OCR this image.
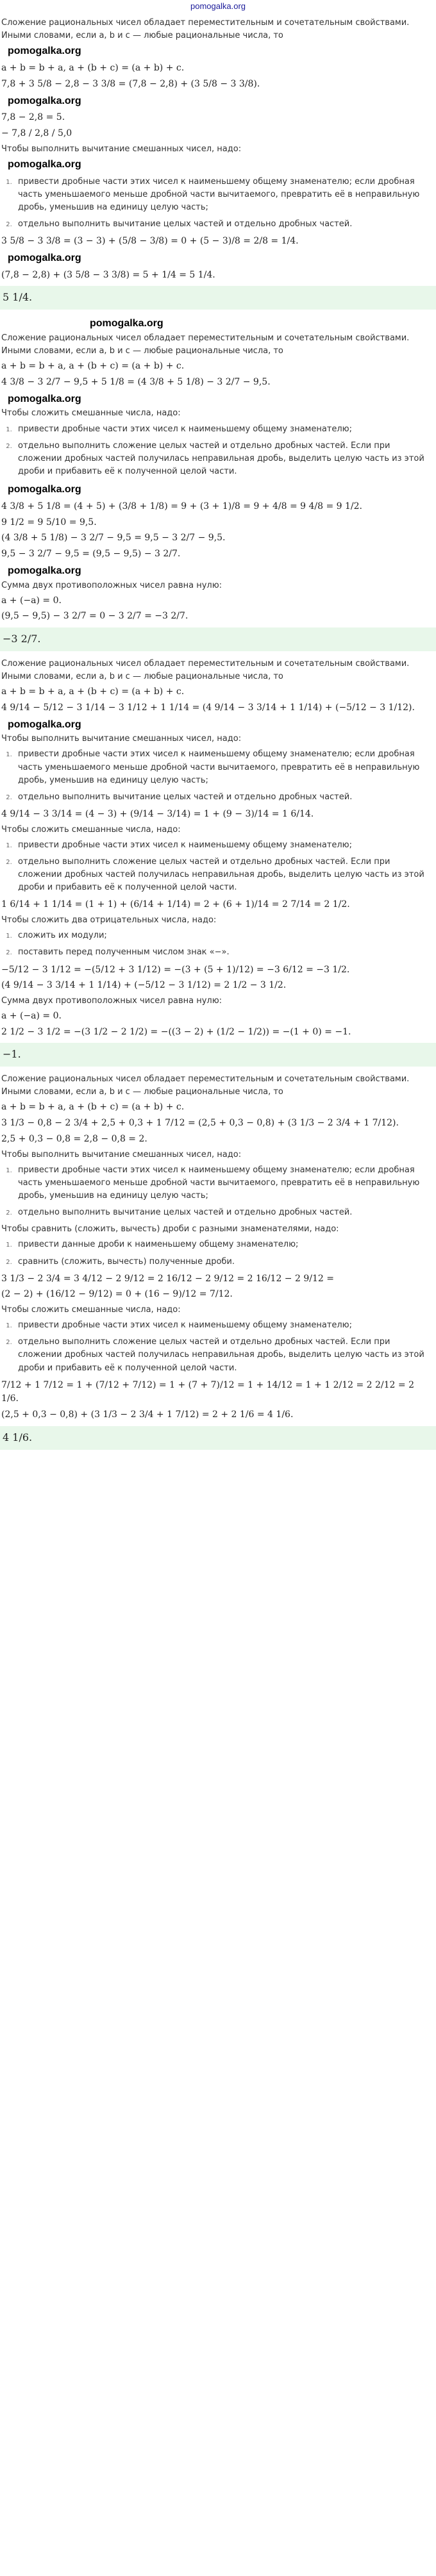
pomogalka.org

Сложение рациональных чисел обладает переместительным и сочетательным свойствами. Иными словами, если a, b и c — любые рациональные числа, то

pomogalka.org
a + b = b + a, a + (b + c) = (a + b) + c.
7,8 + 3 5/8 − 2,8 − 3 3/8 = (7,8 − 2,8) + (3 5/8 − 3 3/8).
pomogalka.org
7,8 − 2,8 = 5.
− 7,8 / 2,8 / 5,0

Чтобы выполнить вычитание смешанных чисел, надо:

pomogalka.org
1. привести дробные части этих чисел к наименьшему общему знаменателю; если дробная часть уменьшаемого меньше дробной части вычитаемого, превратить её в неправильную дробь, уменьшив на единицу целую часть;
2. отдельно выполнить вычитание целых частей и отдельно дробных частей.
3 5/8 − 3 3/8 = (3 − 3) + (5/8 − 3/8) = 0 + (5 − 3)/8 = 2/8 = 1/4.
pomogalka.org
(7,8 − 2,8) + (3 5/8 − 3 3/8) = 5 + 1/4 = 5 1/4.
5 1/4.
pomogalka.org

Сложение рациональных чисел обладает переместительным и сочетательным свойствами. Иными словами, если a, b и c — любые рациональные числа, то

a + b = b + a, a + (b + c) = (a + b) + c.
4 3/8 − 3 2/7 − 9,5 + 5 1/8 = (4 3/8 + 5 1/8) − 3 2/7 − 9,5.
pomogalka.org

Чтобы сложить смешанные числа, надо:

1. привести дробные части этих чисел к наименьшему общему знаменателю;
2. отдельно выполнить сложение целых частей и отдельно дробных частей. Если при сложении дробных частей получилась неправильная дробь, выделить целую часть из этой дроби и прибавить её к полученной целой части.
pomogalka.org
4 3/8 + 5 1/8 = (4 + 5) + (3/8 + 1/8) = 9 + (3 + 1)/8 = 9 + 4/8 = 9 4/8 = 9 1/2.
9 1/2 = 9 5/10 = 9,5.
(4 3/8 + 5 1/8) − 3 2/7 − 9,5 = 9,5 − 3 2/7 − 9,5.
9,5 − 3 2/7 − 9,5 = (9,5 − 9,5) − 3 2/7.
pomogalka.org

Сумма двух противоположных чисел равна нулю:

a + (−a) = 0.
(9,5 − 9,5) − 3 2/7 = 0 − 3 2/7 = −3 2/7.
−3 2/7.

Сложение рациональных чисел обладает переместительным и сочетательным свойствами. Иными словами, если a, b и c — любые рациональные числа, то

a + b = b + a, a + (b + c) = (a + b) + c.
4 9/14 − 5/12 − 3 1/14 − 3 1/12 + 1 1/14 = (4 9/14 − 3 3/14 + 1 1/14) + (−5/12 − 3 1/12).
pomogalka.org

Чтобы выполнить вычитание смешанных чисел, надо:

1. привести дробные части этих чисел к наименьшему общему знаменателю; если дробная часть уменьшаемого меньше дробной части вычитаемого, превратить её в неправильную дробь, уменьшив на единицу целую часть;
2. отдельно выполнить вычитание целых частей и отдельно дробных частей.
4 9/14 − 3 3/14 = (4 − 3) + (9/14 − 3/14) = 1 + (9 − 3)/14 = 1 6/14.

Чтобы сложить смешанные числа, надо:

1. привести дробные части этих чисел к наименьшему общему знаменателю;
2. отдельно выполнить сложение целых частей и отдельно дробных частей. Если при сложении дробных частей получилась неправильная дробь, выделить целую часть из этой дроби и прибавить её к полученной целой части.
1 6/14 + 1 1/14 = (1 + 1) + (6/14 + 1/14) = 2 + (6 + 1)/14 = 2 7/14 = 2 1/2.

Чтобы сложить два отрицательных числа, надо:

1. сложить их модули;
2. поставить перед полученным числом знак «−».
−5/12 − 3 1/12 = −(5/12 + 3 1/12) = −(3 + (5 + 1)/12) = −3 6/12 = −3 1/2.
(4 9/14 − 3 3/14 + 1 1/14) + (−5/12 − 3 1/12) = 2 1/2 − 3 1/2.

Сумма двух противоположных чисел равна нулю:

a + (−a) = 0.
2 1/2 − 3 1/2 = −(3 1/2 − 2 1/2) = −((3 − 2) + (1/2 − 1/2)) = −(1 + 0) = −1.
−1.

Сложение рациональных чисел обладает переместительным и сочетательным свойствами. Иными словами, если a, b и c — любые рациональные числа, то

a + b = b + a, a + (b + c) = (a + b) + c.
3 1/3 − 0,8 − 2 3/4 + 2,5 + 0,3 + 1 7/12 = (2,5 + 0,3 − 0,8) + (3 1/3 − 2 3/4 + 1 7/12).
2,5 + 0,3 − 0,8 = 2,8 − 0,8 = 2.

Чтобы выполнить вычитание смешанных чисел, надо:

1. привести дробные части этих чисел к наименьшему общему знаменателю; если дробная часть уменьшаемого меньше дробной части вычитаемого, превратить её в неправильную дробь, уменьшив на единицу целую часть;
2. отдельно выполнить вычитание целых частей и отдельно дробных частей.

Чтобы сравнить (сложить, вычесть) дроби с разными знаменателями, надо:

1. привести данные дроби к наименьшему общему знаменателю;
2. сравнить (сложить, вычесть) полученные дроби.
3 1/3 − 2 3/4 = 3 4/12 − 2 9/12 = 2 16/12 − 2 9/12 = 2 16/12 − 2 9/12 =
(2 − 2) + (16/12 − 9/12) = 0 + (16 − 9)/12 = 7/12.

Чтобы сложить смешанные числа, надо:

1. привести дробные части этих чисел к наименьшему общему знаменателю;
2. отдельно выполнить сложение целых частей и отдельно дробных частей. Если при сложении дробных частей получилась неправильная дробь, выделить целую часть из этой дроби и прибавить её к полученной целой части.
7/12 + 1 7/12 = 1 + (7/12 + 7/12) = 1 + (7 + 7)/12 = 1 + 14/12 = 1 + 1 2/12 = 2 2/12 = 2 1/6.
(2,5 + 0,3 − 0,8) + (3 1/3 − 2 3/4 + 1 7/12) = 2 + 2 1/6 = 4 1/6.
4 1/6.
